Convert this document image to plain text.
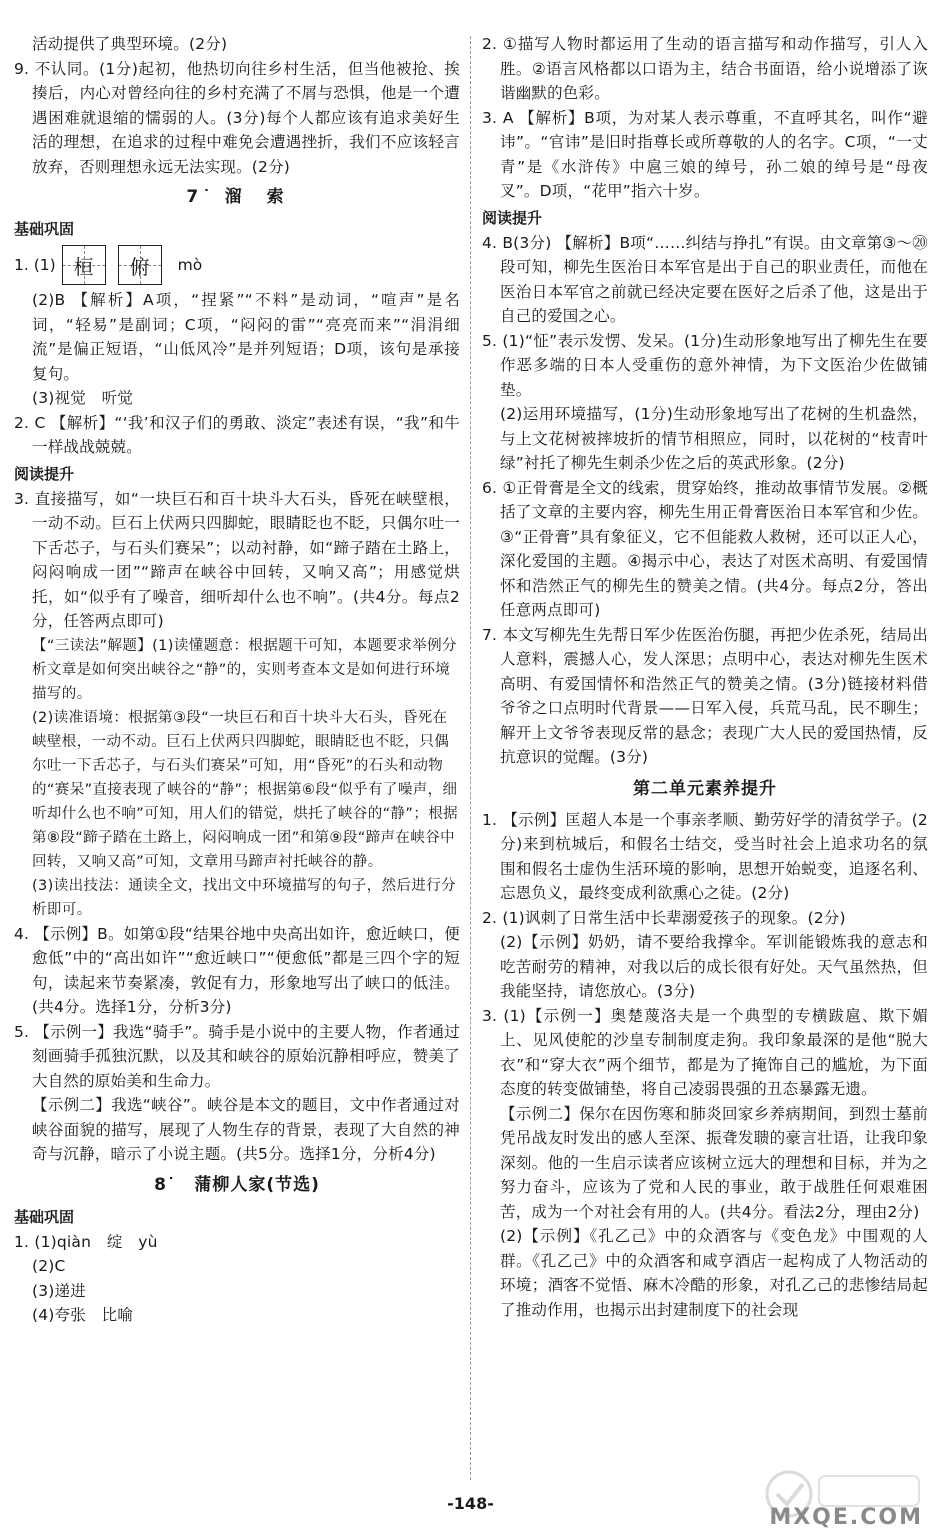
活动提供了典型环境。(2分)

9. 不认同。(1分)起初，他热切向往乡村生活，但当他被抢、挨揍后，内心对曾经向往的乡村充满了不屑与恐惧，他是一个遭遇困难就退缩的懦弱的人。(3分)每个人都应该有追求美好生活的理想，在追求的过程中难免会遭遇挫折，我们不应该轻言放弃，否则理想永远无法实现。(2分)

7˙ 溜　索
基础巩固
1. (1) 桓 俯 mò

(2)B 【解析】A项，“捏紧”“不料”是动词，“喧声”是名词，“轻易”是副词；C项，“闷闷的雷”“亮亮而来”“涓涓细流”是偏正短语，“山低风冷”是并列短语；D项，该句是承接复句。

(3)视觉　听觉

2. C 【解析】“‘我’和汉子们的勇敢、淡定”表述有误，“我”和牛一样战战兢兢。

阅读提升

3. 直接描写，如“一块巨石和百十块斗大石头，昏死在峡壁根，一动不动。巨石上伏两只四脚蛇，眼睛眨也不眨，只偶尔吐一下舌芯子，与石头们赛呆”；以动衬静，如“蹄子踏在土路上，闷闷响成一团”“蹄声在峡谷中回转，又响又高”；用感觉烘托，如“似乎有了噪音，细听却什么也不响”。(共4分。每点2分，任答两点即可)

【“三读法”解题】(1)读懂题意：根据题干可知，本题要求举例分析文章是如何突出峡谷之“静”的，实则考查本文是如何进行环境描写的。

(2)读准语境：根据第③段“一块巨石和百十块斗大石头，昏死在峡壁根，一动不动。巨石上伏两只四脚蛇，眼睛眨也不眨，只偶尔吐一下舌芯子，与石头们赛呆”可知，用“昏死”的石头和动物的“赛呆”直接表现了峡谷的“静”；根据第⑥段“似乎有了噪声，细听却什么也不响”可知，用人们的错觉，烘托了峡谷的“静”；根据第⑧段“蹄子踏在土路上，闷闷响成一团”和第⑨段“蹄声在峡谷中回转，又响又高”可知，文章用马蹄声衬托峡谷的静。

(3)读出技法：通读全文，找出文中环境描写的句子，然后进行分析即可。

4. 【示例】B。如第①段“结果谷地中央高出如许，愈近峡口，便愈低”中的“高出如许”“愈近峡口”“便愈低”都是三四个字的短句，读起来节奏紧凑，敦促有力，形象地写出了峡口的低洼。(共4分。选择1分，分析3分)

5. 【示例一】我选“骑手”。骑手是小说中的主要人物，作者通过刻画骑手孤独沉默，以及其和峡谷的原始沉静相呼应，赞美了大自然的原始美和生命力。

【示例二】我选“峡谷”。峡谷是本文的题目，文中作者通过对峡谷面貌的描写，展现了人物生存的背景，表现了大自然的神奇与沉静，暗示了小说主题。(共5分。选择1分，分析4分)

8˙　蒲柳人家(节选)
基础巩固

1. (1)qiàn　绽　yù

(2)C

(3)递进

(4)夸张　比喻

2. ①描写人物时都运用了生动的语言描写和动作描写，引人入胜。②语言风格都以口语为主，结合书面语，给小说增添了诙谐幽默的色彩。

3. A 【解析】B项，为对某人表示尊重，不直呼其名，叫作“避讳”。“官讳”是旧时指尊长或所尊敬的人的名字。C项，“一丈青”是《水浒传》中扈三娘的绰号，孙二娘的绰号是“母夜叉”。D项，“花甲”指六十岁。

阅读提升

4. B(3分) 【解析】B项“……纠结与挣扎”有误。由文章第③～⑳段可知，柳先生医治日本军官是出于自己的职业责任，而他在医治日本军官之前就已经决定要在医好之后杀了他，这是出于自己的爱国之心。

5. (1)“怔”表示发愣、发呆。(1分)生动形象地写出了柳先生在要作恶多端的日本人受重伤的意外神情，为下文医治少佐做铺垫。

(2)运用环境描写，(1分)生动形象地写出了花树的生机盎然，与上文花树被摔坡折的情节相照应，同时，以花树的“枝青叶绿”衬托了柳先生刺杀少佐之后的英武形象。(2分)

6. ①正骨膏是全文的线索，贯穿始终，推动故事情节发展。②概括了文章的主要内容，柳先生用正骨膏医治日本军官和少佐。③“正骨膏”具有象征义，它不但能救人救树，还可以正人心，深化爱国的主题。④揭示中心，表达了对医术高明、有爱国情怀和浩然正气的柳先生的赞美之情。(共4分。每点2分，答出任意两点即可)

7. 本文写柳先生先帮日军少佐医治伤腿，再把少佐杀死，结局出人意料，震撼人心，发人深思；点明中心，表达对柳先生医术高明、有爱国情怀和浩然正气的赞美之情。(3分)链接材料借爷爷之口点明时代背景——日军入侵，兵荒马乱，民不聊生；解开上文爷爷表现反常的悬念；表现广大人民的爱国热情，反抗意识的觉醒。(3分)

第二单元素养提升

1. 【示例】匡超人本是一个事亲孝顺、勤劳好学的清贫学子。(2分)来到杭城后，和假名士结交，受当时社会上追求功名的氛围和假名士虚伪生活环境的影响，思想开始蜕变，追逐名利、忘恩负义，最终变成利欲熏心之徒。(2分)

2. (1)讽刺了日常生活中长辈溺爱孩子的现象。(2分)

(2)【示例】奶奶，请不要给我撑伞。军训能锻炼我的意志和吃苦耐劳的精神，对我以后的成长很有好处。天气虽然热，但我能坚持，请您放心。(3分)

3. (1)【示例一】奥楚蔑洛夫是一个典型的专横跋扈、欺下媚上、见风使舵的沙皇专制制度走狗。我印象最深的是他“脱大衣”和“穿大衣”两个细节，都是为了掩饰自己的尴尬，为下面态度的转变做铺垫，将自己凌弱畏强的丑态暴露无遗。

【示例二】保尔在因伤寒和肺炎回家乡养病期间，到烈士墓前凭吊战友时发出的感人至深、振聋发聩的豪言壮语，让我印象深刻。他的一生启示读者应该树立远大的理想和目标，并为之努力奋斗，应该为了党和人民的事业，敢于战胜任何艰难困苦，成为一个对社会有用的人。(共4分。看法2分，理由2分)

(2)【示例】《孔乙己》中的众酒客与《变色龙》中围观的人群。《孔乙己》中的众酒客和咸亨酒店一起构成了人物活动的环境；酒客不觉悟、麻木冷酷的形象，对孔乙己的悲惨结局起了推动作用，也揭示出封建制度下的社会现

-148-
MXQE.COM
